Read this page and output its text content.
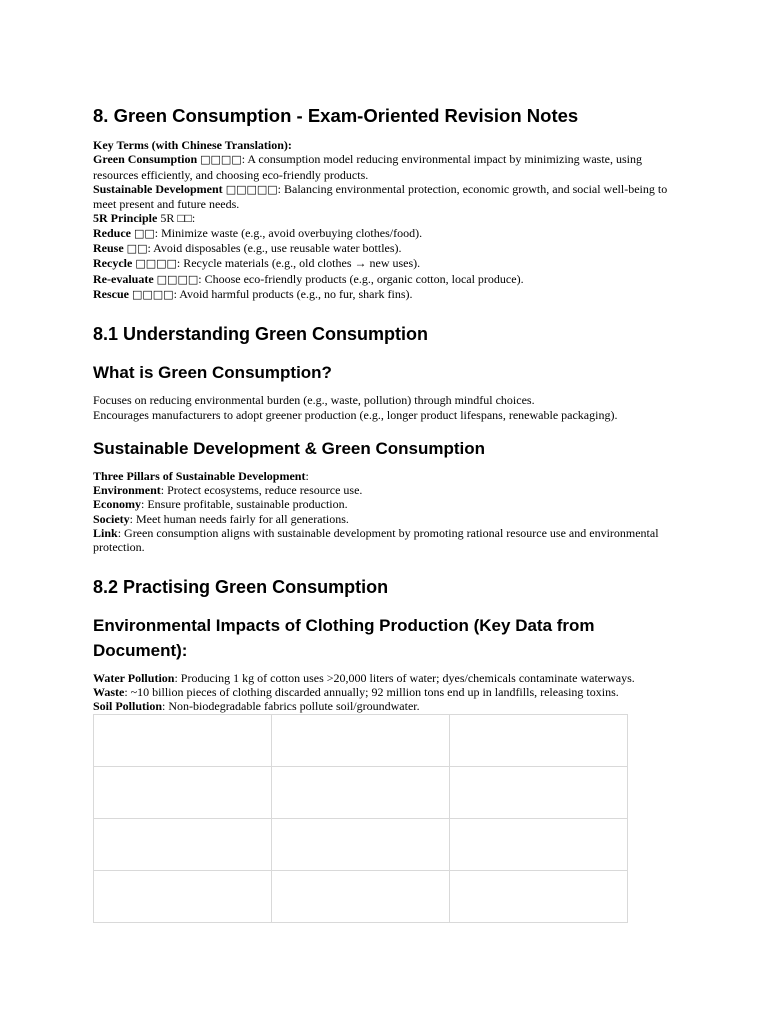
8. Green Consumption - Exam-Oriented Revision Notes
Key Terms (with Chinese Translation):
Green Consumption □□□□: A consumption model reducing environmental impact by minimizing waste, using resources efficiently, and choosing eco-friendly products.
Sustainable Development □□□□□: Balancing environmental protection, economic growth, and social well-being to meet present and future needs.
5R Principle 5R □□:
Reduce □□: Minimize waste (e.g., avoid overbuying clothes/food).
Reuse □□: Avoid disposables (e.g., use reusable water bottles).
Recycle □□□□: Recycle materials (e.g., old clothes → new uses).
Re-evaluate □□□□: Choose eco-friendly products (e.g., organic cotton, local produce).
Rescue □□□□: Avoid harmful products (e.g., no fur, shark fins).
8.1 Understanding Green Consumption
What is Green Consumption?
Focuses on reducing environmental burden (e.g., waste, pollution) through mindful choices.
Encourages manufacturers to adopt greener production (e.g., longer product lifespans, renewable packaging).
Sustainable Development & Green Consumption
Three Pillars of Sustainable Development:
Environment: Protect ecosystems, reduce resource use.
Economy: Ensure profitable, sustainable production.
Society: Meet human needs fairly for all generations.
Link: Green consumption aligns with sustainable development by promoting rational resource use and environmental protection.
8.2 Practising Green Consumption
Environmental Impacts of Clothing Production (Key Data from Document):
Water Pollution: Producing 1 kg of cotton uses >20,000 liters of water; dyes/chemicals contaminate waterways.
Waste: ~10 billion pieces of clothing discarded annually; 92 million tons end up in landfills, releasing toxins.
Soil Pollution: Non-biodegradable fabrics pollute soil/groundwater.
